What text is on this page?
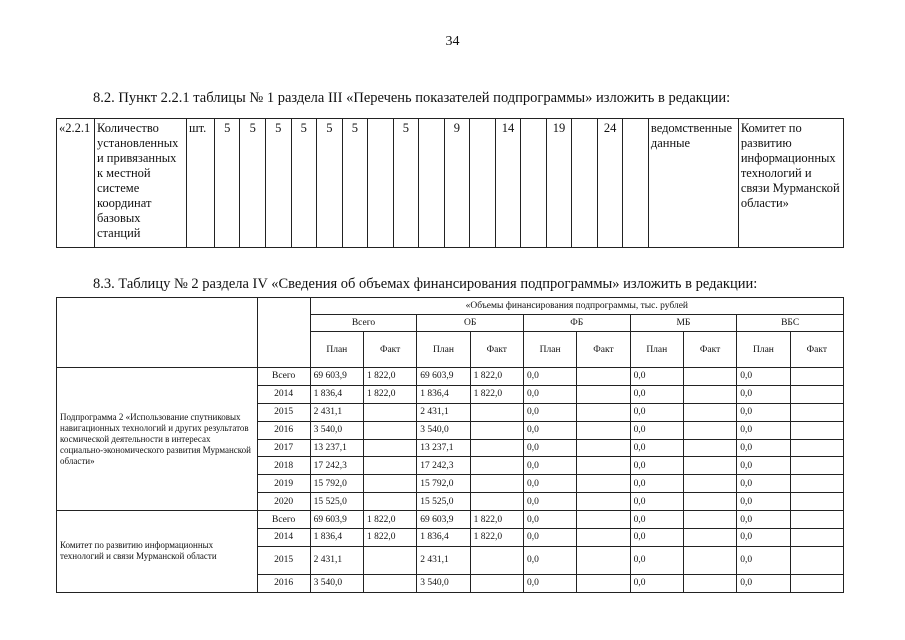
34
8.2. Пункт 2.2.1 таблицы № 1 раздела III «Перечень показателей подпрограммы» изложить в редакции:
«2.2.1	Количество установленных и привязанных к местной системе координат базовых станций	шт.	5	5	5	5	5	5		5		9		14		19		24		ведомственные данные	Комитет по развитию информационных технологий и связи Мурманской области»
8.3. Таблицу № 2 раздела IV «Сведения об объемах финансирования подпрограммы» изложить в редакции:
		«Объемы финансирования подпрограммы, тыс. рублей									
		Всего		ОБ		ФБ		МБ		ВБС	
		План	Факт	План	Факт	План	Факт	План	Факт	План	Факт
Подпрограмма 2 «Использование спутниковых навигационных технологий и других результатов космической деятельности в интересах социально-экономического развития Мурманской области»	Всего	69 603,9	1 822,0	69 603,9	1 822,0	0,0		0,0		0,0	
	2014	1 836,4	1 822,0	1 836,4	1 822,0	0,0		0,0		0,0	
	2015	2 431,1		2 431,1		0,0		0,0		0,0	
	2016	3 540,0		3 540,0		0,0		0,0		0,0	
	2017	13 237,1		13 237,1		0,0		0,0		0,0	
	2018	17 242,3		17 242,3		0,0		0,0		0,0	
	2019	15 792,0		15 792,0		0,0		0,0		0,0	
	2020	15 525,0		15 525,0		0,0		0,0		0,0	
Комитет по развитию информационных технологий и связи Мурманской области	Всего	69 603,9	1 822,0	69 603,9	1 822,0	0,0		0,0		0,0	
	2014	1 836,4	1 822,0	1 836,4	1 822,0	0,0		0,0		0,0	
	2015	2 431,1		2 431,1		0,0		0,0		0,0	
	2016	3 540,0		3 540,0		0,0		0,0		0,0	
